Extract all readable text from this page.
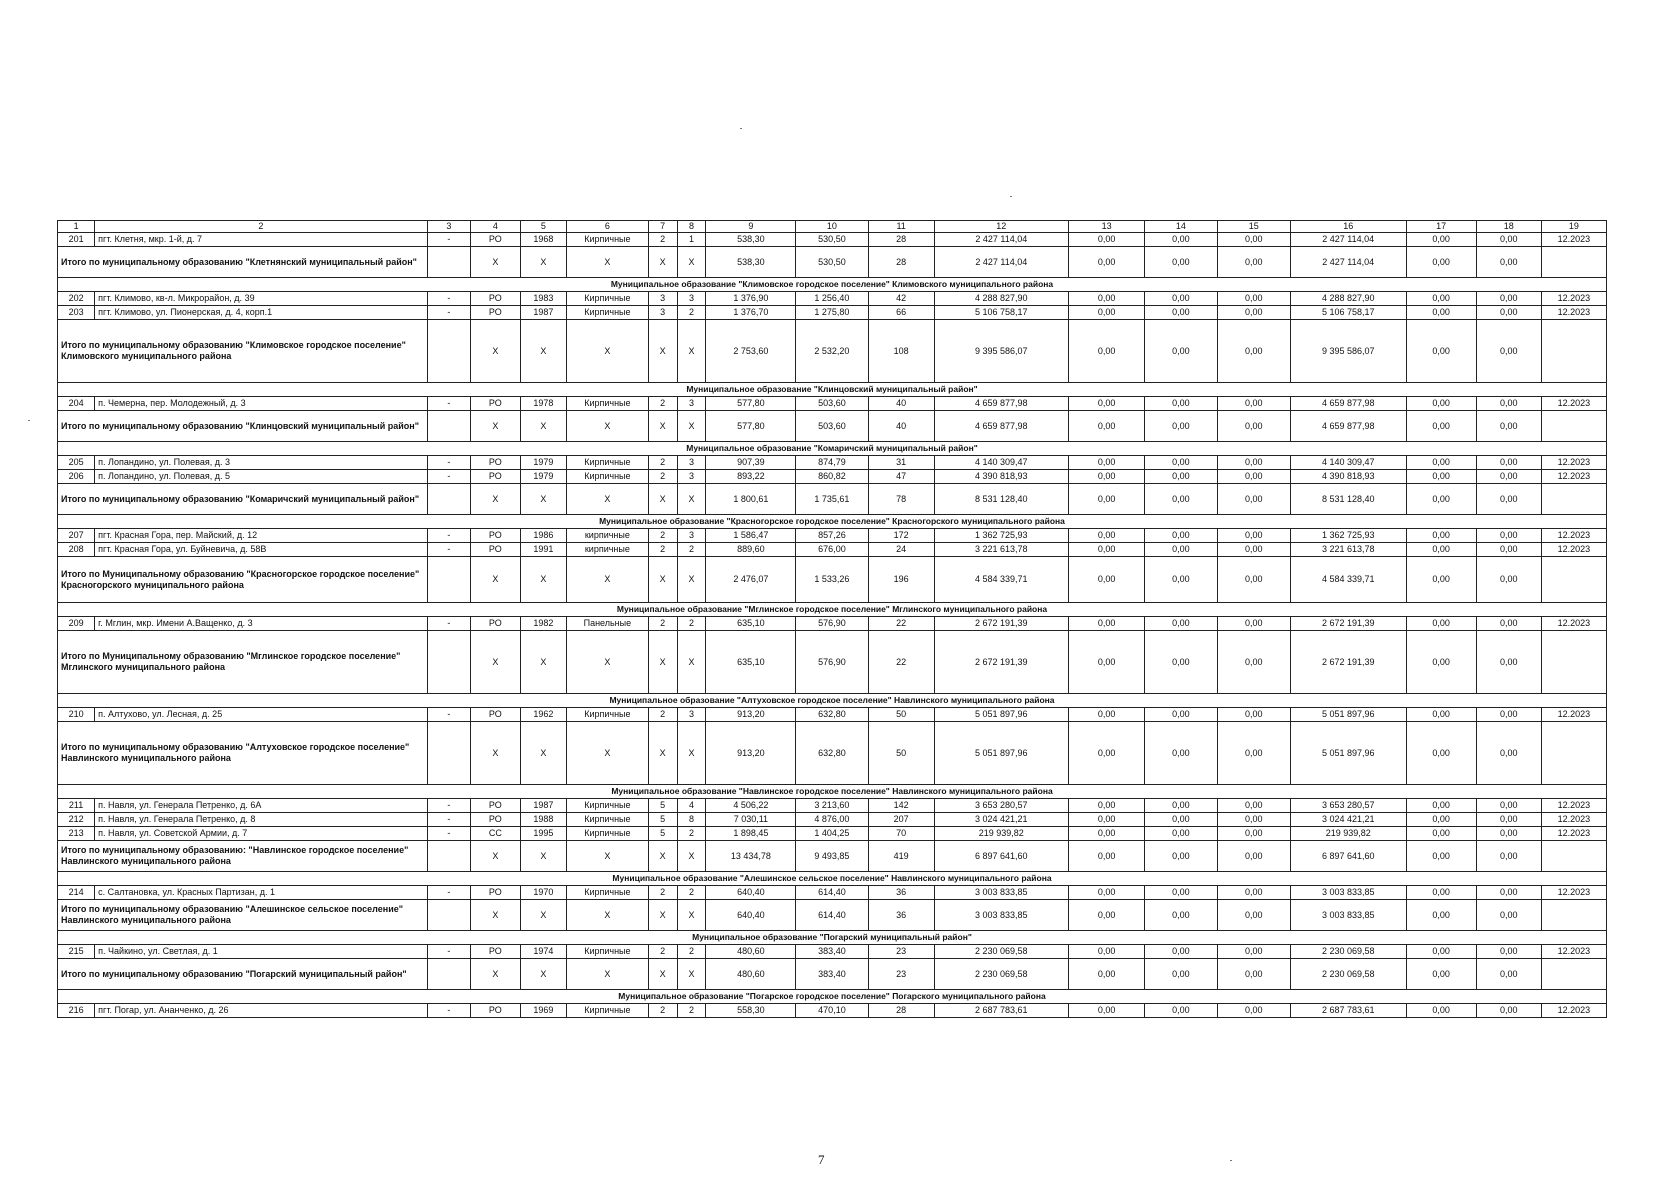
1	2	3	4	5	6	7	8	9	10	11	12	13	14	15	16	17	18	19
201	пгт. Клетня, мкр. 1-й, д. 7	-	РО	1968	Кирпичные	2	1	538,30	530,50	28	2 427 114,04	0,00	0,00	0,00	2 427 114,04	0,00	0,00	12.2023
Итого по муниципальному образованию "Клетнянский муниципальный район"			X	X	X	X	X	538,30	530,50	28	2 427 114,04	0,00	0,00	0,00	2 427 114,04	0,00	0,00	
Муниципальное образование "Климовское городское поселение" Климовского муниципального района																		
202	пгт. Климово, кв-л. Микрорайон, д. 39	-	РО	1983	Кирпичные	3	3	1 376,90	1 256,40	42	4 288 827,90	0,00	0,00	0,00	4 288 827,90	0,00	0,00	12.2023
203	пгт. Климово, ул. Пионерская, д. 4, корп.1	-	РО	1987	Кирпичные	3	2	1 376,70	1 275,80	66	5 106 758,17	0,00	0,00	0,00	5 106 758,17	0,00	0,00	12.2023
Итого по муниципальному образованию "Климовское городское поселение" Климовского муниципального района			X	X	X	X	X	2 753,60	2 532,20	108	9 395 586,07	0,00	0,00	0,00	9 395 586,07	0,00	0,00	
Муниципальное образование "Клинцовский муниципальный район"																		
204	п. Чемерна, пер. Молодежный, д. 3	-	РО	1978	Кирпичные	2	3	577,80	503,60	40	4 659 877,98	0,00	0,00	0,00	4 659 877,98	0,00	0,00	12.2023
Итого по муниципальному образованию "Клинцовский муниципальный район"			X	X	X	X	X	577,80	503,60	40	4 659 877,98	0,00	0,00	0,00	4 659 877,98	0,00	0,00	
Муниципальное образование "Комаричский муниципальный район"																		
205	п. Лопандино, ул. Полевая, д. 3	-	РО	1979	Кирпичные	2	3	907,39	874,79	31	4 140 309,47	0,00	0,00	0,00	4 140 309,47	0,00	0,00	12.2023
206	п. Лопандино, ул. Полевая, д. 5	-	РО	1979	Кирпичные	2	3	893,22	860,82	47	4 390 818,93	0,00	0,00	0,00	4 390 818,93	0,00	0,00	12.2023
Итого по муниципальному образованию "Комаричский муниципальный район"			X	X	X	X	X	1 800,61	1 735,61	78	8 531 128,40	0,00	0,00	0,00	8 531 128,40	0,00	0,00	
Муниципальное образование "Красногорское городское поселение" Красногорского муниципального района																		
207	пгт. Красная Гора, пер. Майский, д. 12	-	РО	1986	кирпичные	2	3	1 586,47	857,26	172	1 362 725,93	0,00	0,00	0,00	1 362 725,93	0,00	0,00	12.2023
208	пгт. Красная Гора, ул. Буйневича, д. 58В	-	РО	1991	кирпичные	2	2	889,60	676,00	24	3 221 613,78	0,00	0,00	0,00	3 221 613,78	0,00	0,00	12.2023
Итого по Муниципальному образованию "Красногорское городское поселение" Красногорского муниципального района			X	X	X	X	X	2 476,07	1 533,26	196	4 584 339,71	0,00	0,00	0,00	4 584 339,71	0,00	0,00	
Муниципальное образование "Мглинское городское поселение" Мглинского муниципального района																		
209	г. Мглин, мкр. Имени А.Ващенко, д. 3	-	РО	1982	Панельные	2	2	635,10	576,90	22	2 672 191,39	0,00	0,00	0,00	2 672 191,39	0,00	0,00	12.2023
Итого по Муниципальному образованию "Мглинское городское поселение" Мглинского муниципального района			X	X	X	X	X	635,10	576,90	22	2 672 191,39	0,00	0,00	0,00	2 672 191,39	0,00	0,00	
Муниципальное образование "Алтуховское городское поселение" Навлинского муниципального района																		
210	п. Алтухово, ул. Лесная, д. 25	-	РО	1962	Кирпичные	2	3	913,20	632,80	50	5 051 897,96	0,00	0,00	0,00	5 051 897,96	0,00	0,00	12.2023
Итого по муниципальному образованию "Алтуховское городское поселение" Навлинского муниципального района			X	X	X	X	X	913,20	632,80	50	5 051 897,96	0,00	0,00	0,00	5 051 897,96	0,00	0,00	
Муниципальное образование "Навлинское городское поселение" Навлинского муниципального района																		
211	п. Навля, ул. Генерала Петренко, д. 6А	-	РО	1987	Кирпичные	5	4	4 506,22	3 213,60	142	3 653 280,57	0,00	0,00	0,00	3 653 280,57	0,00	0,00	12.2023
212	п. Навля, ул. Генерала Петренко, д. 8	-	РО	1988	Кирпичные	5	8	7 030,11	4 876,00	207	3 024 421,21	0,00	0,00	0,00	3 024 421,21	0,00	0,00	12.2023
213	п. Навля, ул. Советской Армии, д. 7	-	СС	1995	Кирпичные	5	2	1 898,45	1 404,25	70	219 939,82	0,00	0,00	0,00	219 939,82	0,00	0,00	12.2023
Итого по муниципальному образованию: "Навлинское городское поселение" Навлинского муниципального района			X	X	X	X	X	13 434,78	9 493,85	419	6 897 641,60	0,00	0,00	0,00	6 897 641,60	0,00	0,00	
Муниципальное образование "Алешинское сельское поселение" Навлинского муниципального района																		
214	с. Салтановка, ул. Красных Партизан, д. 1	-	РО	1970	Кирпичные	2	2	640,40	614,40	36	3 003 833,85	0,00	0,00	0,00	3 003 833,85	0,00	0,00	12.2023
Итого по муниципальному образованию "Алешинское сельское поселение" Навлинского муниципального района			X	X	X	X	X	640,40	614,40	36	3 003 833,85	0,00	0,00	0,00	3 003 833,85	0,00	0,00	
Муниципальное образование "Погарский муниципальный район"																		
215	п. Чайкино, ул. Светлая, д. 1	-	РО	1974	Кирпичные	2	2	480,60	383,40	23	2 230 069,58	0,00	0,00	0,00	2 230 069,58	0,00	0,00	12.2023
Итого по муниципальному образованию "Погарский муниципальный район"			X	X	X	X	X	480,60	383,40	23	2 230 069,58	0,00	0,00	0,00	2 230 069,58	0,00	0,00	
Муниципальное образование "Погарское городское поселение" Погарского муниципального района																		
216	пгт. Погар, ул. Ананченко, д. 26	-	РО	1969	Кирпичные	2	2	558,30	470,10	28	2 687 783,61	0,00	0,00	0,00	2 687 783,61	0,00	0,00	12.2023
7
